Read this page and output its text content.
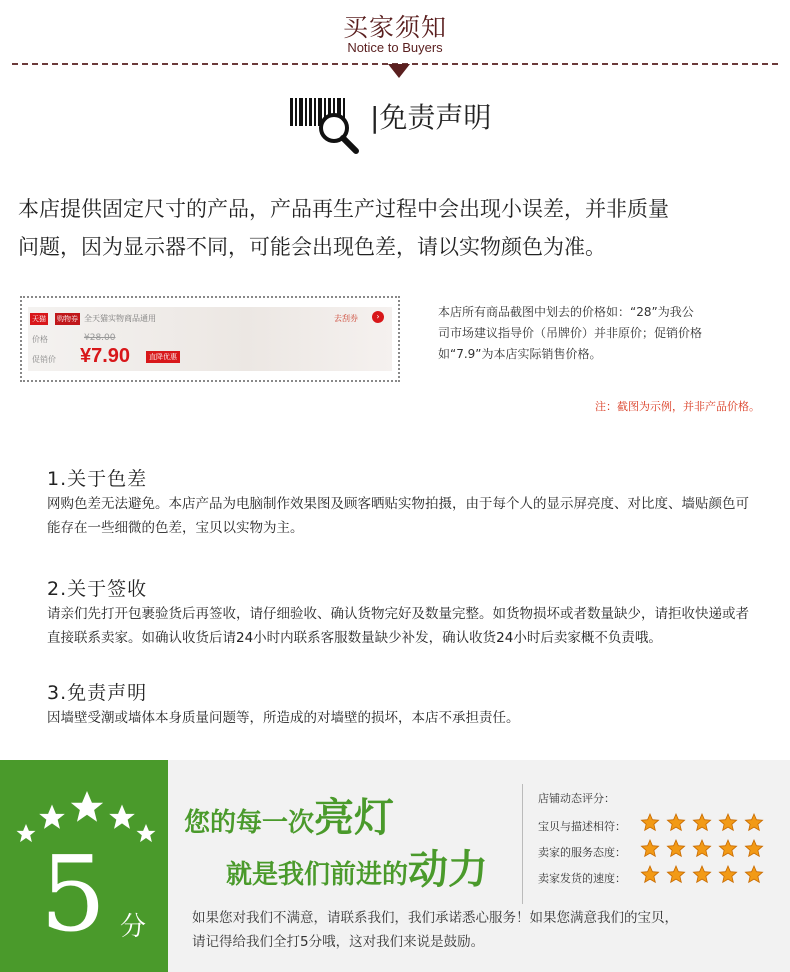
买家须知
Notice to Buyers
|免责声明
本店提供固定尺寸的产品，产品再生产过程中会出现小误差，并非质量
问题，因为显示器不同，可能会出现色差，请以实物颜色为准。
天猫 购物券 全天猫实物商品通用	去刮券	›
价格	¥28.00
促销价 ¥7.90	直降优惠
本店所有商品截图中划去的价格如：“28”为我公
司市场建议指导价（吊牌价）并非原价；促销价格
如“7.9”为本店实际销售价格。
注：截图为示例，并非产品价格。
1.关于色差
网购色差无法避免。本店产品为电脑制作效果图及顾客晒贴实物拍摄，由于每个人的显示屏亮度、对比度、墙贴颜色可能存在一些细微的色差，宝贝以实物为主。
2.关于签收
请亲们先打开包裹验货后再签收，请仔细验收、确认货物完好及数量完整。如货物损坏或者数量缺少，请拒收快递或者直接联系卖家。如确认收货后请24小时内联系客服数量缺少补发，确认收货24小时后卖家概不负责哦。
3.免责声明
因墙壁受潮或墙体本身质量问题等，所造成的对墙壁的损坏，本店不承担责任。
5 分
您的每一次亮灯
就是我们前进的动力
店铺动态评分：
宝贝与描述相符：
卖家的服务态度：
卖家发货的速度：
如果您对我们不满意，请联系我们，我们承诺悉心服务！如果您满意我们的宝贝，
请记得给我们全打5分哦，这对我们来说是鼓励。
